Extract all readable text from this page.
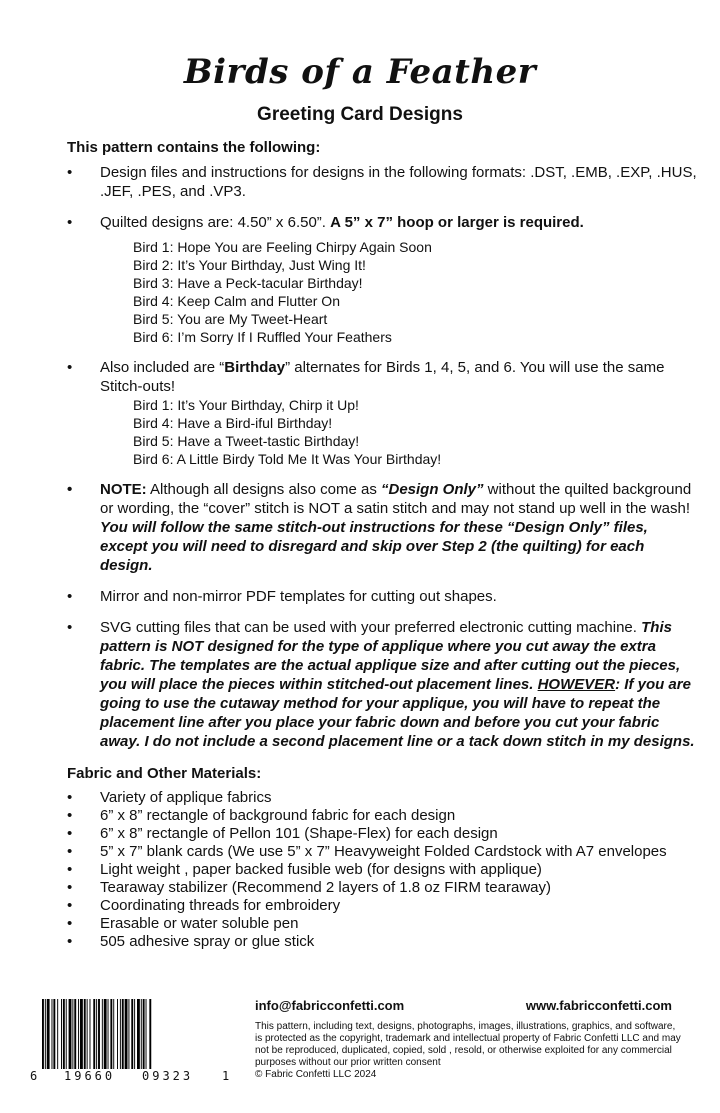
Birds of a Feather
Greeting Card Designs
This pattern contains the following:
• Design files and instructions for designs in the following formats: .DST, .EMB, .EXP, .HUS, .JEF, .PES, and .VP3.
• Quilted designs are: 4.50” x 6.50”. A 5” x 7” hoop or larger is required.
Bird 1: Hope You are Feeling Chirpy Again Soon
Bird 2: It’s Your Birthday, Just Wing It!
Bird 3: Have a Peck-tacular Birthday!
Bird 4: Keep Calm and Flutter On
Bird 5: You are My Tweet-Heart
Bird 6: I’m Sorry If I Ruffled Your Feathers
• Also included are “Birthday” alternates for Birds 1, 4, 5, and 6. You will use the same Stitch-outs!
Bird 1: It’s Your Birthday, Chirp it Up!
Bird 4: Have a Bird-iful Birthday!
Bird 5: Have a Tweet-tastic Birthday!
Bird 6: A Little Birdy Told Me It Was Your Birthday!
• NOTE: Although all designs also come as “Design Only” without the quilted background or wording, the “cover” stitch is NOT a satin stitch and may not stand up well in the wash! You will follow the same stitch-out instructions for these “Design Only” files, except you will need to disregard and skip over Step 2 (the quilting) for each design.
• Mirror and non-mirror PDF templates for cutting out shapes.
• SVG cutting files that can be used with your preferred electronic cutting machine. This pattern is NOT designed for the type of applique where you cut away the extra fabric. The templates are the actual applique size and after cutting out the pieces, you will place the pieces within stitched-out placement lines. HOWEVER: If you are going to use the cutaway method for your applique, you will have to repeat the placement line after you place your fabric down and before you cut your fabric away. I do not include a second placement line or a tack down stitch in my designs.
Fabric and Other Materials:
• Variety of applique fabrics
• 6” x 8” rectangle of background fabric for each design
• 6” x 8” rectangle of Pellon 101 (Shape-Flex) for each design
• 5” x 7” blank cards (We use 5” x 7” Heavyweight Folded Cardstock with A7 envelopes
• Light weight , paper backed fusible web (for designs with applique)
• Tearaway stabilizer (Recommend 2 layers of 1.8 oz FIRM tearaway)
• Coordinating threads for embroidery
• Erasable or water soluble pen
• 505 adhesive spray or glue stick
6 19660 09323 1
info@fabricconfetti.com	www.fabricconfetti.com
This pattern, including text, designs, photographs, images, illustrations, graphics, and software, is protected as the copyright, trademark and intellectual property of Fabric Confetti LLC and may not be reproduced, duplicated, copied, sold , resold, or otherwise exploited for any commercial purposes without our prior written consent
© Fabric Confetti LLC 2024
